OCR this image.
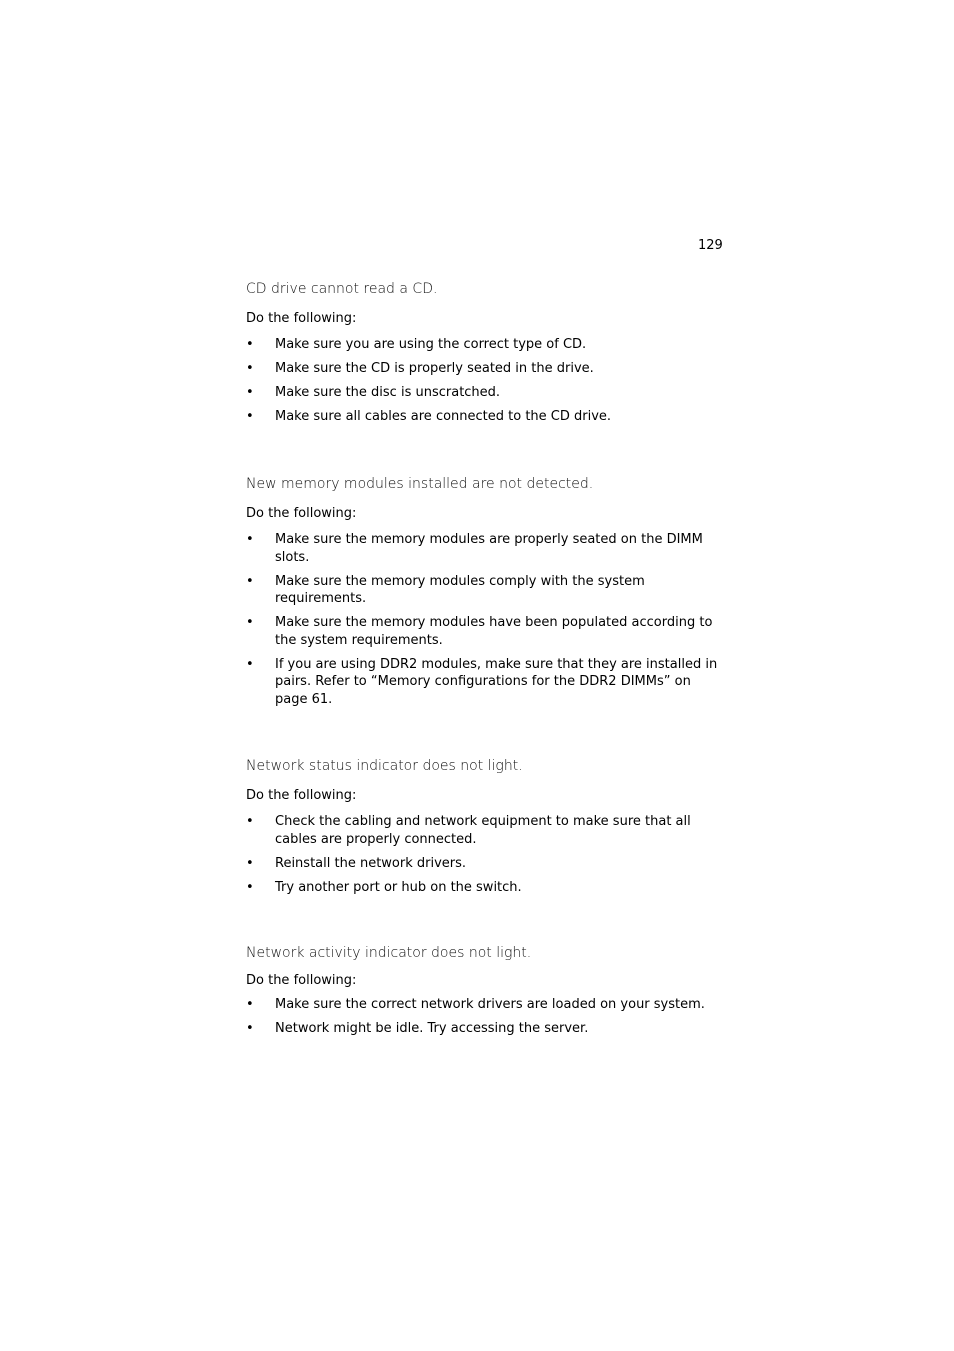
129

CD drive cannot read a CD.

Do the following:

• Make sure you are using the correct type of CD.
• Make sure the CD is properly seated in the drive.
• Make sure the disc is unscratched.
• Make sure all cables are connected to the CD drive.

New memory modules installed are not detected.

Do the following:

• Make sure the memory modules are properly seated on the DIMM slots.
• Make sure the memory modules comply with the system requirements.
• Make sure the memory modules have been populated according to the system requirements.
• If you are using DDR2 modules, make sure that they are installed in pairs. Refer to “Memory configurations for the DDR2 DIMMs” on page 61.

Network status indicator does not light.

Do the following:

• Check the cabling and network equipment to make sure that all cables are properly connected.
• Reinstall the network drivers.
• Try another port or hub on the switch.

Network activity indicator does not light.

Do the following:

• Make sure the correct network drivers are loaded on your system.
• Network might be idle. Try accessing the server.
